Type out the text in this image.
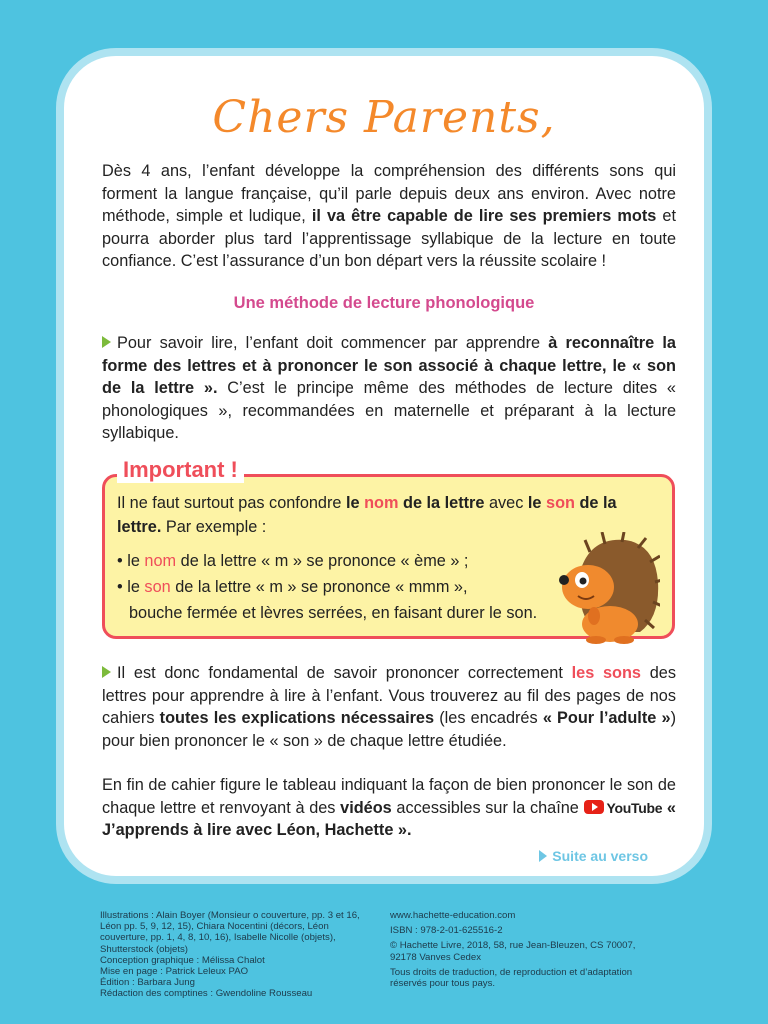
Chers Parents,
Dès 4 ans, l’enfant développe la compréhension des différents sons qui forment la langue française, qu’il parle depuis deux ans environ. Avec notre méthode, simple et ludique, il va être capable de lire ses premiers mots et pourra aborder plus tard l’apprentissage syllabique de la lecture en toute confiance. C’est l’assurance d’un bon départ vers la réussite scolaire !
Une méthode de lecture phonologique
Pour savoir lire, l’enfant doit commencer par apprendre à reconnaître la forme des lettres et à prononcer le son associé à chaque lettre, le « son de la lettre ». C’est le principe même des méthodes de lecture dites « phonologiques », recommandées en maternelle et préparant à la lecture syllabique.
Important !
Il ne faut surtout pas confondre le nom de la lettre avec le son de la lettre. Par exemple :
• le nom de la lettre « m » se prononce « ème » ;
• le son de la lettre « m » se prononce « mmm »,
bouche fermée et lèvres serrées, en faisant durer le son.
Il est donc fondamental de savoir prononcer correctement les sons des lettres pour apprendre à lire à l’enfant. Vous trouverez au fil des pages de nos cahiers toutes les explications nécessaires (les encadrés « Pour l’adulte ») pour bien prononcer le « son » de chaque lettre étudiée.
En fin de cahier figure le tableau indiquant la façon de bien prononcer le son de chaque lettre et renvoyant à des vidéos accessibles sur la chaîne YouTube « J’apprends à lire avec Léon, Hachette ».
Suite au verso
Illustrations : Alain Boyer (Monsieur o couverture, pp. 3 et 16, Léon pp. 5, 9, 12, 15), Chiara Nocentini (décors, Léon couverture, pp. 1, 4, 8, 10, 16), Isabelle Nicolle (objets), Shutterstock (objets)
Conception graphique : Mélissa Chalot
Mise en page : Patrick Leleux PAO
Édition : Barbara Jung
Rédaction des comptines : Gwendoline Rousseau
www.hachette-education.com
ISBN : 978-2-01-625516-2
© Hachette Livre, 2018, 58, rue Jean-Bleuzen, CS 70007, 92178 Vanves Cedex
Tous droits de traduction, de reproduction et d’adaptation réservés pour tous pays.
